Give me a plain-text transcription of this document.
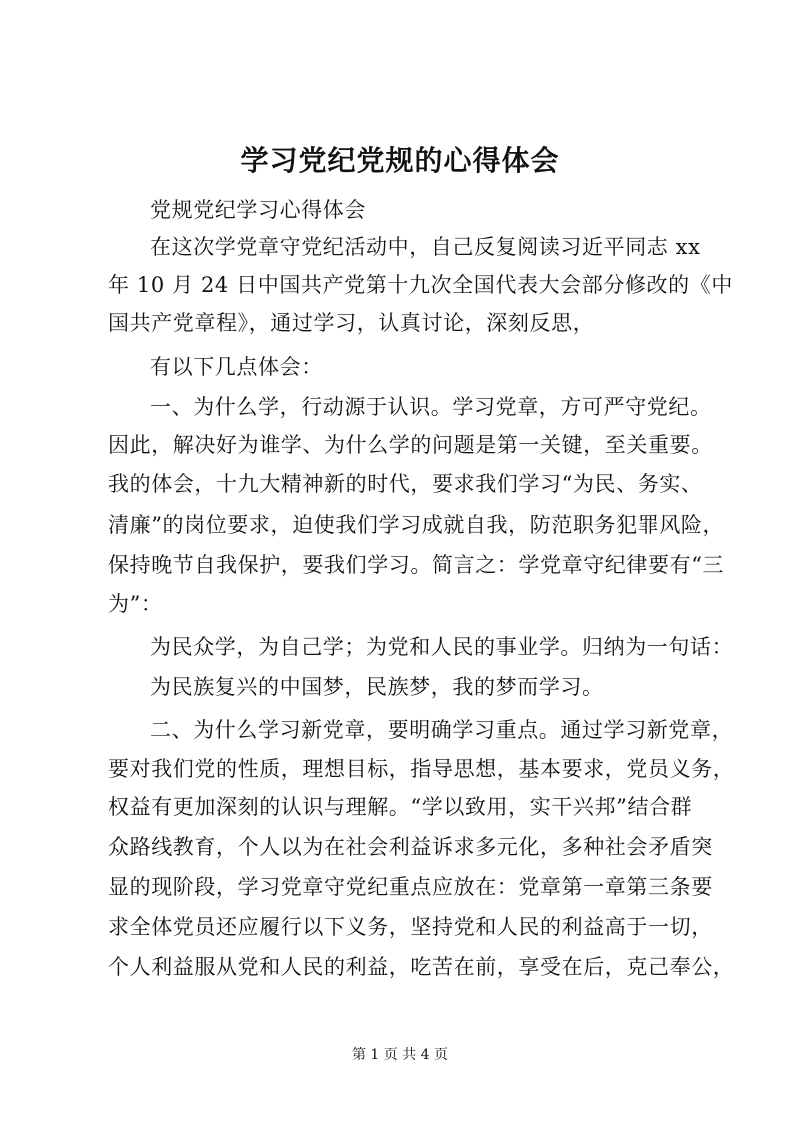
学习党纪党规的心得体会
党规党纪学习心得体会
在这次学党章守党纪活动中，自己反复阅读习近平同志 xx
年 10 月 24 日中国共产党第十九次全国代表大会部分修改的《中
国共产党章程》，通过学习，认真讨论，深刻反思，
有以下几点体会：
一、为什么学，行动源于认识。学习党章，方可严守党纪。
因此，解决好为谁学、为什么学的问题是第一关键，至关重要。
我的体会，十九大精神新的时代，要求我们学习“为民、务实、
清廉”的岗位要求，迫使我们学习成就自我，防范职务犯罪风险，
保持晚节自我保护，要我们学习。简言之：学党章守纪律要有“三
为”：
为民众学，为自己学；为党和人民的事业学。归纳为一句话：
为民族复兴的中国梦，民族梦，我的梦而学习。
二、为什么学习新党章，要明确学习重点。通过学习新党章，
要对我们党的性质，理想目标，指导思想，基本要求，党员义务，
权益有更加深刻的认识与理解。“学以致用，实干兴邦”结合群
众路线教育，个人以为在社会利益诉求多元化，多种社会矛盾突
显的现阶段，学习党章守党纪重点应放在：党章第一章第三条要
求全体党员还应履行以下义务，坚持党和人民的利益高于一切，
个人利益服从党和人民的利益，吃苦在前，享受在后，克己奉公，
第 1 页 共 4 页
